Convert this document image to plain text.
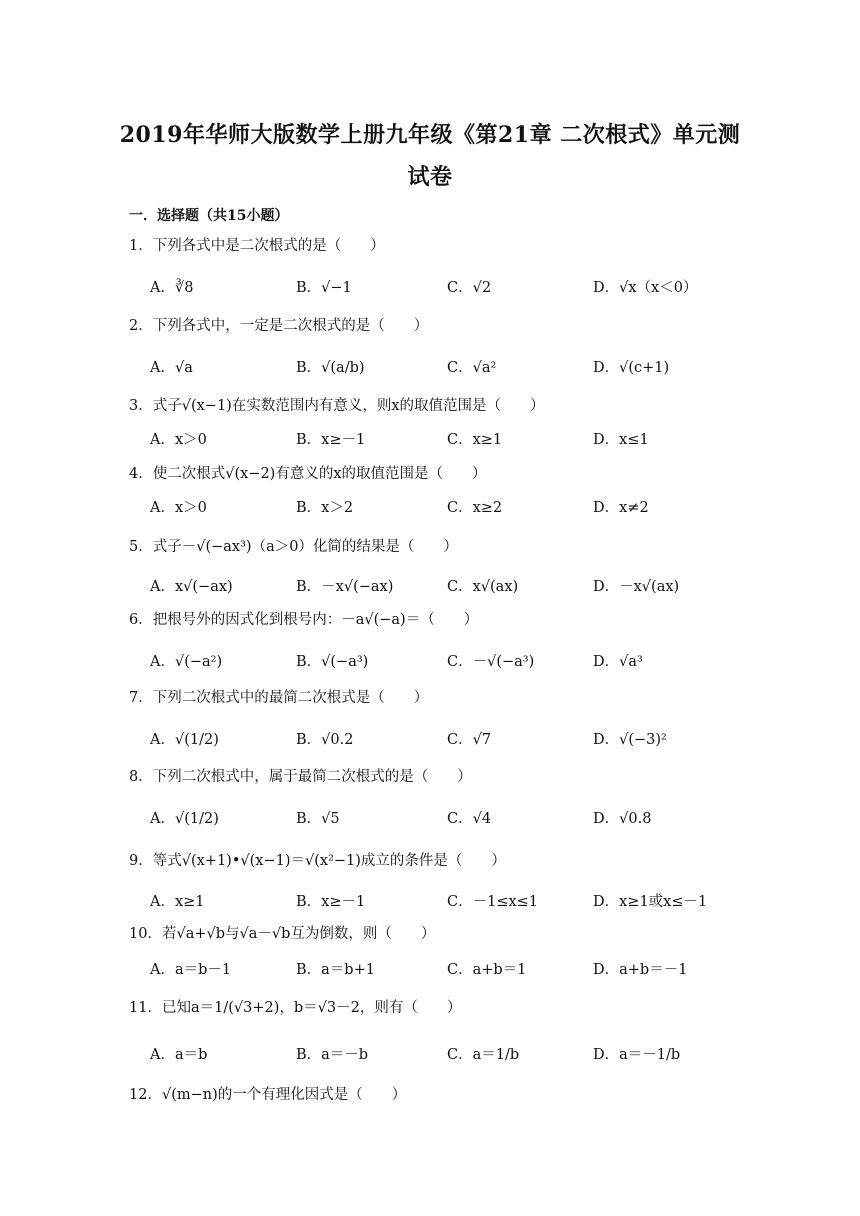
2019年华师大版数学上册九年级《第21章 二次根式》单元测
试卷
一．选择题（共15小题）
1．下列各式中是二次根式的是（　　）
A．∛8	B．√−1	C．√2	D．√x（x＜0）
2．下列各式中，一定是二次根式的是（　　）
A．√a	B．√(a/b)	C．√a²	D．√(c+1)
3．式子√(x−1)在实数范围内有意义，则x的取值范围是（　　）
A．x＞0	B．x≥－1	C．x≥1	D．x≤1
4．使二次根式√(x−2)有意义的x的取值范围是（　　）
A．x＞0	B．x＞2	C．x≥2	D．x≠2
5．式子－√(−ax³)（a＞0）化简的结果是（　　）
A．x√(−ax)	B．－x√(−ax)	C．x√(ax)	D．－x√(ax)
6．把根号外的因式化到根号内：－a√(−a)＝（　　）
A．√(−a²)	B．√(−a³)	C．－√(−a³)	D．√a³
7．下列二次根式中的最简二次根式是（　　）
A．√(1/2)	B．√0.2	C．√7	D．√(−3)²
8．下列二次根式中，属于最简二次根式的是（　　）
A．√(1/2)	B．√5	C．√4	D．√0.8
9．等式√(x+1)•√(x−1)＝√(x²−1)成立的条件是（　　）
A．x≥1	B．x≥－1	C．－1≤x≤1	D．x≥1或x≤－1
10．若√a+√b与√a－√b互为倒数，则（　　）
A．a＝b－1	B．a＝b+1	C．a+b＝1	D．a+b＝－1
11．已知a＝1/(√3+2)，b＝√3－2，则有（　　）
A．a＝b	B．a＝－b	C．a＝1/b	D．a＝－1/b
12．√(m−n)的一个有理化因式是（　　）
